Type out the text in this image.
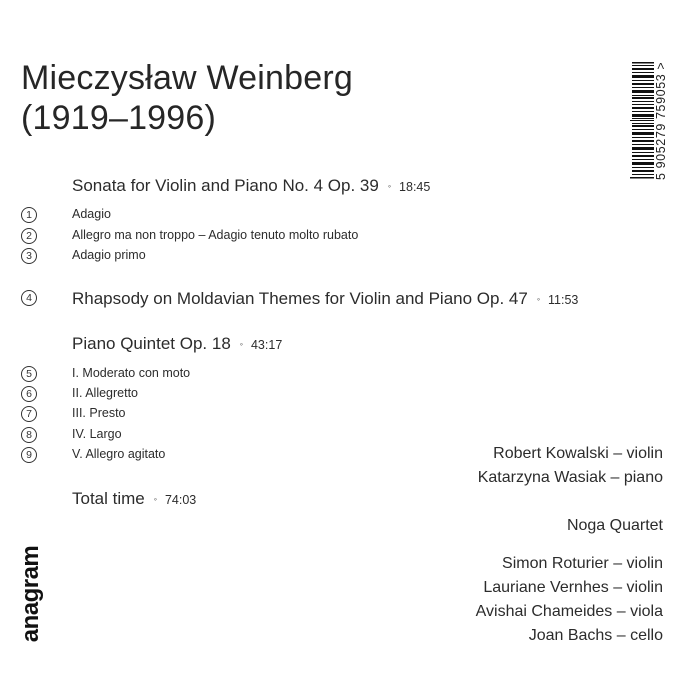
Mieczysław Weinberg
(1919–1996)	5 905279 759053 >
Sonata for Violin and Piano No. 4 Op. 39 ◦ 18:45
1	Adagio
2	Allegro ma non troppo – Adagio tenuto molto rubato
3	Adagio primo
4 Rhapsody on Moldavian Themes for Violin and Piano Op. 47 ◦ 11:53
Piano Quintet Op. 18 ◦ 43:17
5	I. Moderato con moto
6	II. Allegretto
7	III. Presto
8	IV. Largo
9	V. Allegro agitato
Total time ◦ 74:03
Robert Kowalski – violin
Katarzyna Wasiak – piano
Noga Quartet
Simon Roturier – violin
Lauriane Vernhes – violin
Avishai Chameides – viola
Joan Bachs – cello
anagram
